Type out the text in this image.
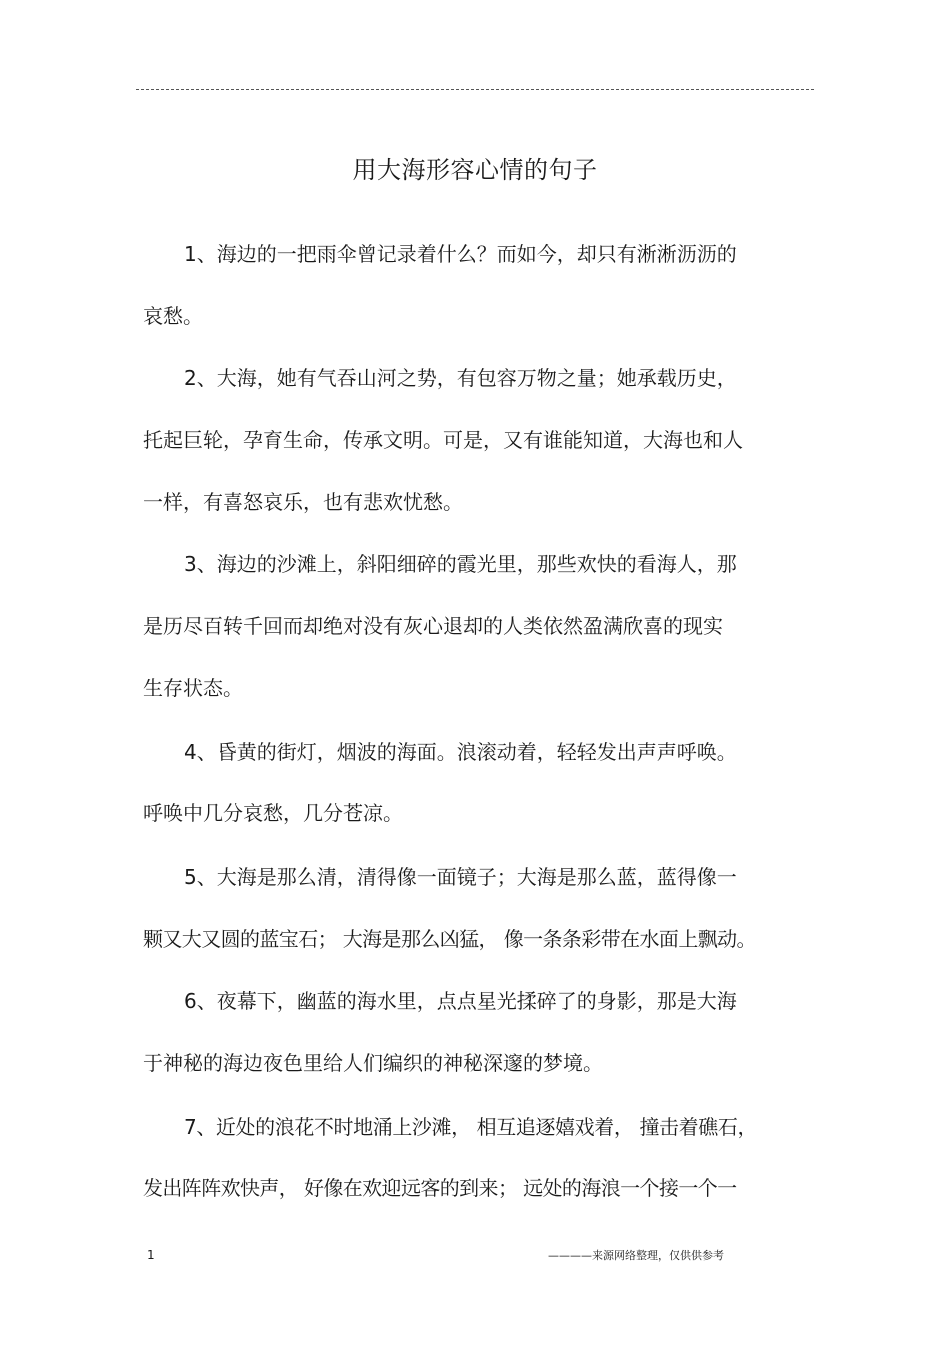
用大海形容心情的句子
1、海边的一把雨伞曾记录着什么？而如今，却只有淅淅沥沥的
哀愁。
2、大海，她有气吞山河之势，有包容万物之量；她承载历史，
托起巨轮，孕育生命，传承文明。可是，又有谁能知道，大海也和人
一样，有喜怒哀乐，也有悲欢忧愁。
3、海边的沙滩上，斜阳细碎的霞光里，那些欢快的看海人，那
是历尽百转千回而却绝对没有灰心退却的人类依然盈满欣喜的现实
生存状态。
4、昏黄的街灯，烟波的海面。浪滚动着，轻轻发出声声呼唤。
呼唤中几分哀愁，几分苍凉。
5、大海是那么清，清得像一面镜子；大海是那么蓝，蓝得像一
颗又大又圆的蓝宝石； 大海是那么凶猛， 像一条条彩带在水面上飘动。
6、夜幕下，幽蓝的海水里，点点星光揉碎了的身影，那是大海
于神秘的海边夜色里给人们编织的神秘深邃的梦境。
7、近处的浪花不时地涌上沙滩， 相互追逐嬉戏着， 撞击着礁石，
发出阵阵欢快声， 好像在欢迎远客的到来； 远处的海浪一个接一个一
1	————来源网络整理，仅供供参考
